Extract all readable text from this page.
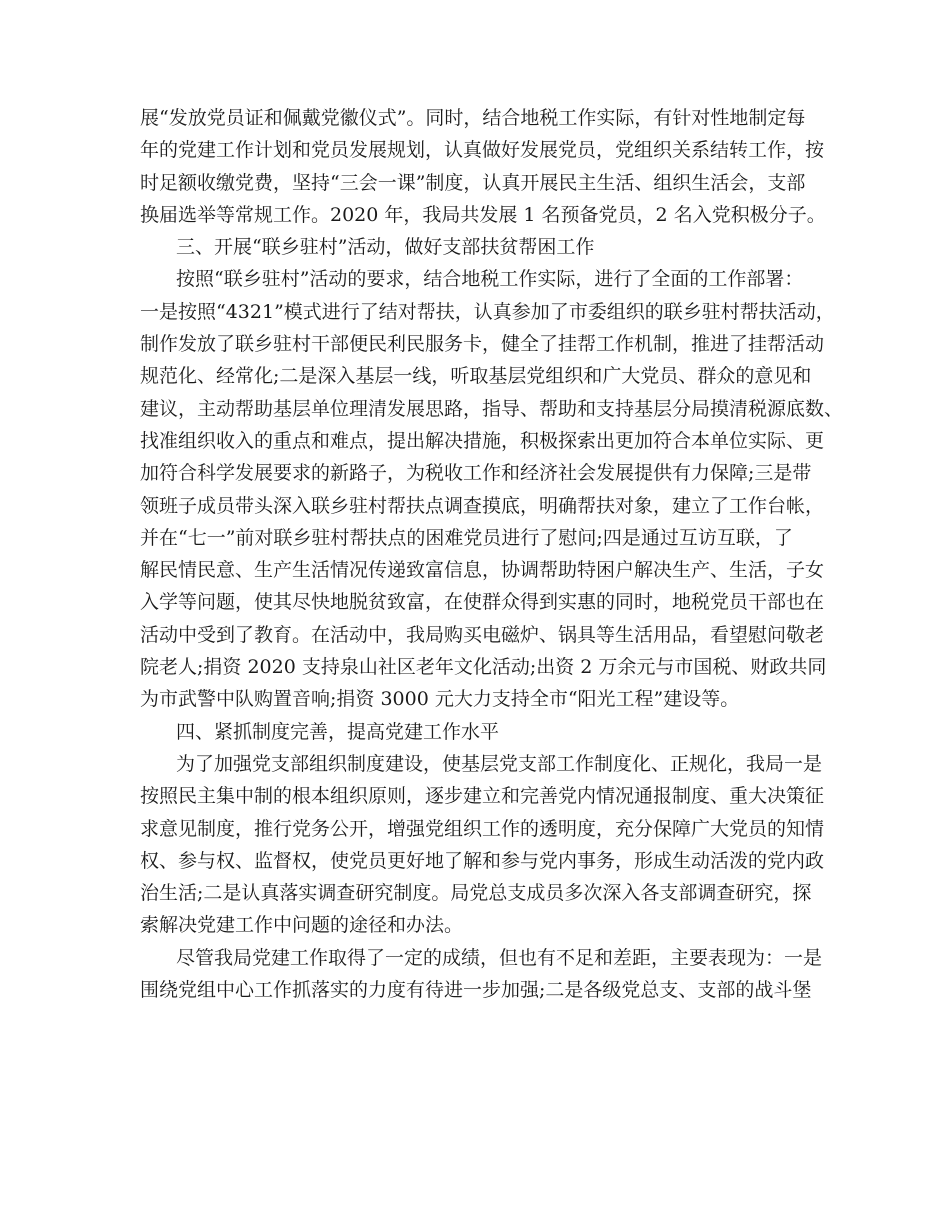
展“发放党员证和佩戴党徽仪式”。同时，结合地税工作实际，有针对性地制定每
年的党建工作计划和党员发展规划，认真做好发展党员，党组织关系结转工作，按
时足额收缴党费，坚持“三会一课”制度，认真开展民主生活、组织生活会，支部
换届选举等常规工作。2020 年，我局共发展 1 名预备党员，2 名入党积极分子。
三、开展“联乡驻村”活动，做好支部扶贫帮困工作
按照“联乡驻村”活动的要求，结合地税工作实际，进行了全面的工作部署：
一是按照“4321”模式进行了结对帮扶，认真参加了市委组织的联乡驻村帮扶活动，
制作发放了联乡驻村干部便民利民服务卡，健全了挂帮工作机制，推进了挂帮活动
规范化、经常化;二是深入基层一线，听取基层党组织和广大党员、群众的意见和
建议，主动帮助基层单位理清发展思路，指导、帮助和支持基层分局摸清税源底数、
找准组织收入的重点和难点，提出解决措施，积极探索出更加符合本单位实际、更
加符合科学发展要求的新路子，为税收工作和经济社会发展提供有力保障;三是带
领班子成员带头深入联乡驻村帮扶点调查摸底，明确帮扶对象，建立了工作台帐，
并在“七一”前对联乡驻村帮扶点的困难党员进行了慰问;四是通过互访互联，了
解民情民意、生产生活情况传递致富信息，协调帮助特困户解决生产、生活，子女
入学等问题，使其尽快地脱贫致富，在使群众得到实惠的同时，地税党员干部也在
活动中受到了教育。在活动中，我局购买电磁炉、锅具等生活用品，看望慰问敬老
院老人;捐资 2020 支持泉山社区老年文化活动;出资 2 万余元与市国税、财政共同
为市武警中队购置音响;捐资 3000 元大力支持全市“阳光工程”建设等。
四、紧抓制度完善，提高党建工作水平
为了加强党支部组织制度建设，使基层党支部工作制度化、正规化，我局一是
按照民主集中制的根本组织原则，逐步建立和完善党内情况通报制度、重大决策征
求意见制度，推行党务公开，增强党组织工作的透明度，充分保障广大党员的知情
权、参与权、监督权，使党员更好地了解和参与党内事务，形成生动活泼的党内政
治生活;二是认真落实调查研究制度。局党总支成员多次深入各支部调查研究，探
索解决党建工作中问题的途径和办法。
尽管我局党建工作取得了一定的成绩，但也有不足和差距，主要表现为：一是
围绕党组中心工作抓落实的力度有待进一步加强;二是各级党总支、支部的战斗堡
